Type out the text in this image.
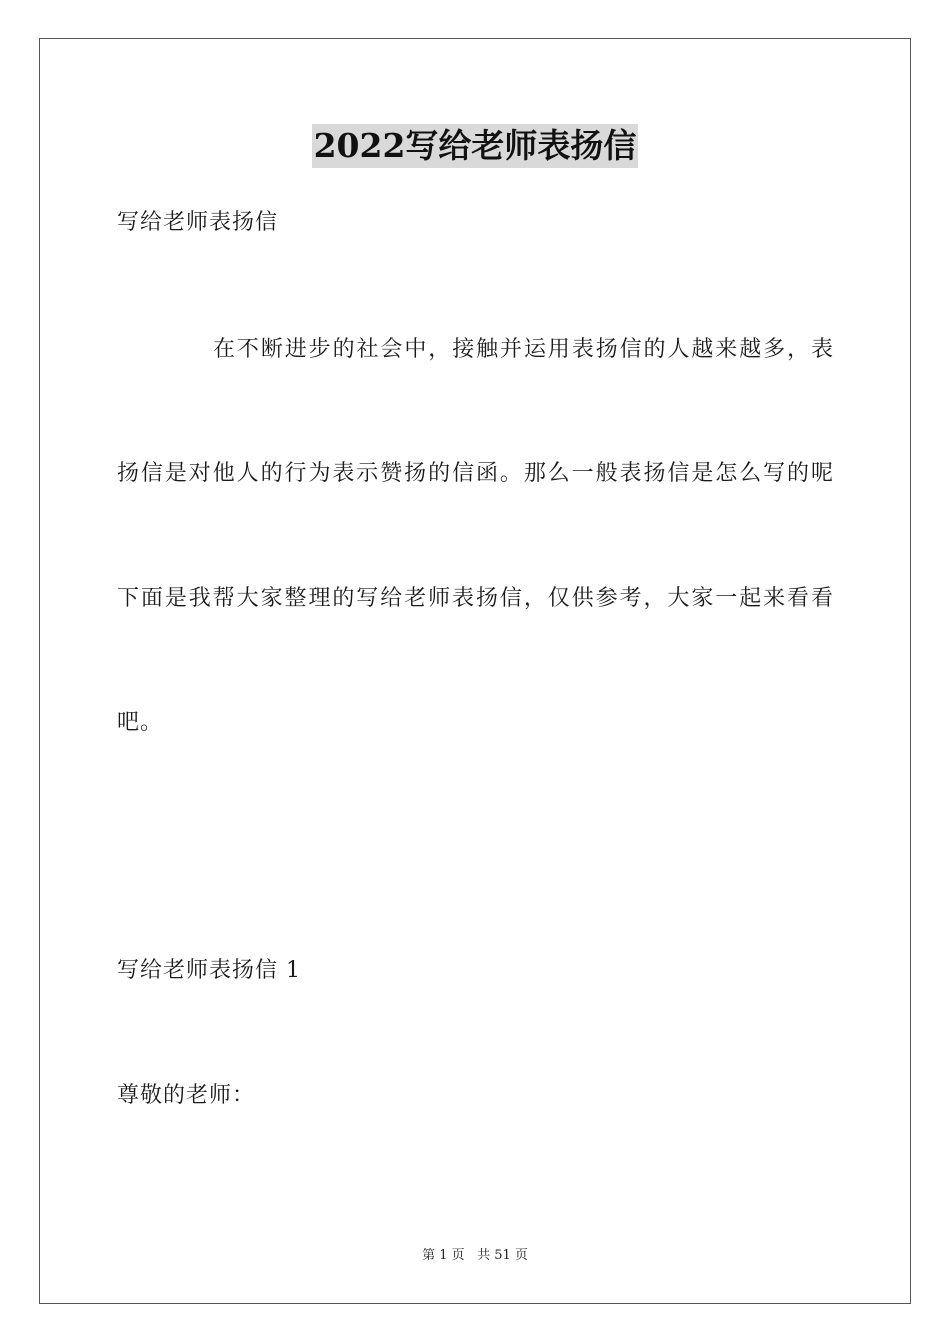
2022写给老师表扬信
写给老师表扬信
在不断进步的社会中，接触并运用表扬信的人越来越多，表
扬信是对他人的行为表示赞扬的信函。那么一般表扬信是怎么写的呢
下面是我帮大家整理的写给老师表扬信，仅供参考，大家一起来看看
吧。
写给老师表扬信 1
尊敬的老师：
第 1 页 共 51 页
